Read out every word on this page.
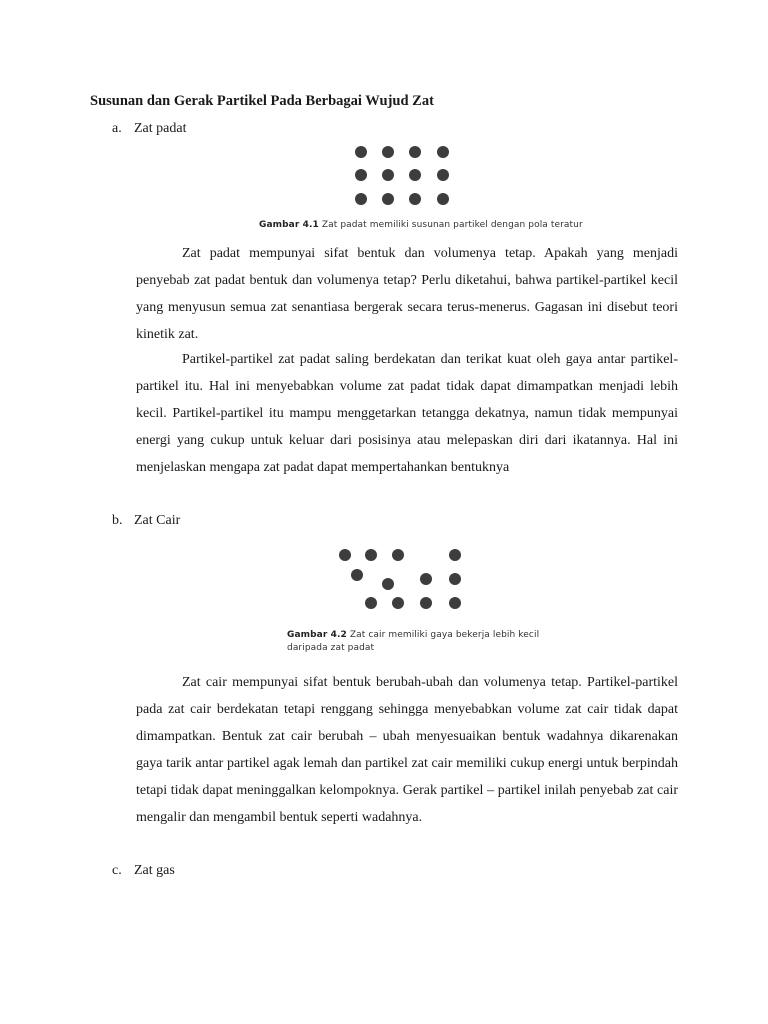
Susunan dan Gerak Partikel Pada Berbagai Wujud Zat
a. Zat padat
Gambar 4.1 Zat padat memiliki susunan partikel dengan pola teratur

Zat padat mempunyai sifat bentuk dan volumenya tetap. Apakah yang menjadi penyebab zat padat bentuk dan volumenya tetap? Perlu diketahui, bahwa partikel-partikel kecil yang menyusun semua zat senantiasa bergerak secara terus-menerus. Gagasan ini disebut teori kinetik zat.

Partikel-partikel zat padat saling berdekatan dan terikat kuat oleh gaya antar partikel-partikel itu. Hal ini menyebabkan volume zat padat tidak dapat dimampatkan menjadi lebih kecil. Partikel-partikel itu mampu menggetarkan tetangga dekatnya, namun tidak mempunyai energi yang cukup untuk keluar dari posisinya atau melepaskan diri dari ikatannya. Hal ini menjelaskan mengapa zat padat dapat mempertahankan bentuknya

b. Zat Cair
Gambar 4.2 Zat cair memiliki gaya bekerja lebih kecil
daripada zat padat

Zat cair mempunyai sifat bentuk berubah-ubah dan volumenya tetap. Partikel-partikel pada zat cair berdekatan tetapi renggang sehingga menyebabkan volume zat cair tidak dapat dimampatkan. Bentuk zat cair berubah – ubah menyesuaikan bentuk wadahnya dikarenakan gaya tarik antar partikel agak lemah dan partikel zat cair memiliki cukup energi untuk berpindah tetapi tidak dapat meninggalkan kelompoknya. Gerak partikel – partikel inilah penyebab zat cair mengalir dan mengambil bentuk seperti wadahnya.

c. Zat gas
